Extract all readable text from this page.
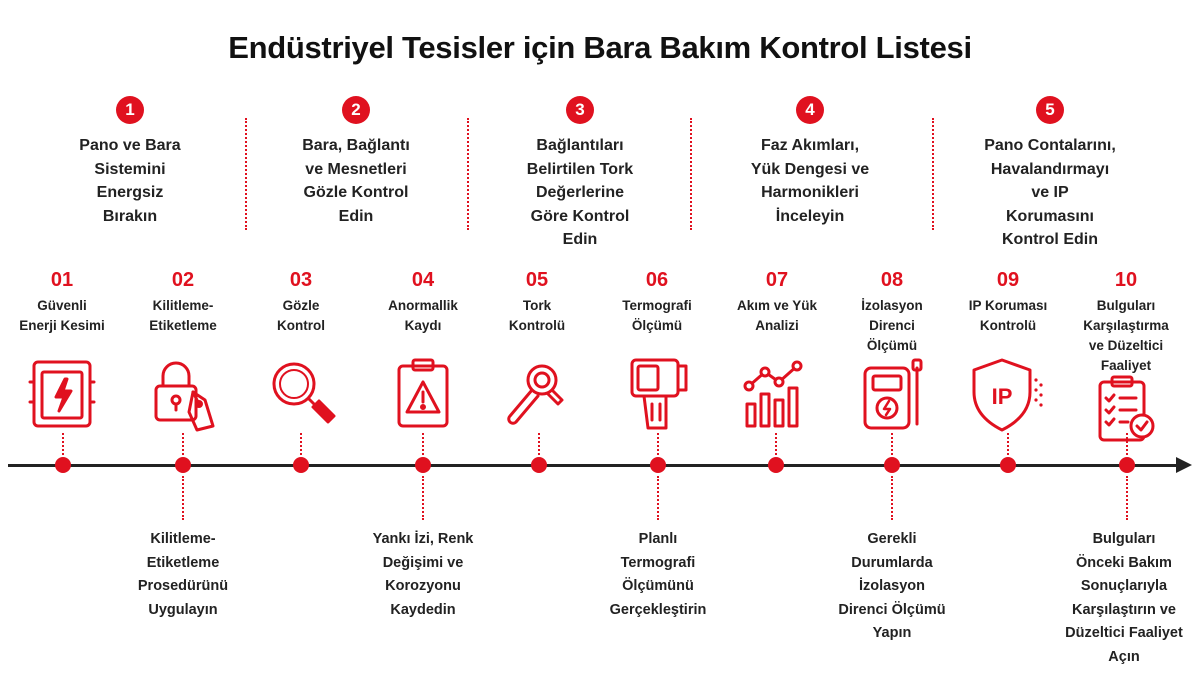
Endüstriyel Tesisler için Bara Bakım Kontrol Listesi
1
Pano ve Bara
Sistemini
Energsiz
Bırakın
2
Bara, Bağlantı
ve Mesnetleri
Gözle Kontrol
Edin
3
Bağlantıları
Belirtilen Tork
Değerlerine
Göre Kontrol
Edin
4
Faz Akımları,
Yük Dengesi ve
Harmonikleri
İnceleyin
5
Pano Contalarını,
Havalandırmayı
ve IP
Korumasını
Kontrol Edin
01
Güvenli
Enerji Kesimi
02
Kilitleme-
Etiketleme
03
Gözle
Kontrol
04
Anormallik
Kaydı
05
Tork
Kontrolü
06
Termografi
Ölçümü
07
Akım ve Yük
Analizi
08
İzolasyon
Direnci
Ölçümü
09
IP Koruması
Kontrolü
10
Bulguları
Karşılaştırma
ve Düzeltici
Faaliyet
IP
Kilitleme-
Etiketleme
Prosedürünü
Uygulayın
Yankı İzi, Renk
Değişimi ve
Korozyonu
Kaydedin
Planlı
Termografi
Ölçümünü
Gerçekleştirin
Gerekli
Durumlarda
İzolasyon
Direnci Ölçümü
Yapın
Bulguları
Önceki Bakım
Sonuçlarıyla
Karşılaştırın ve
Düzeltici Faaliyet
Açın
